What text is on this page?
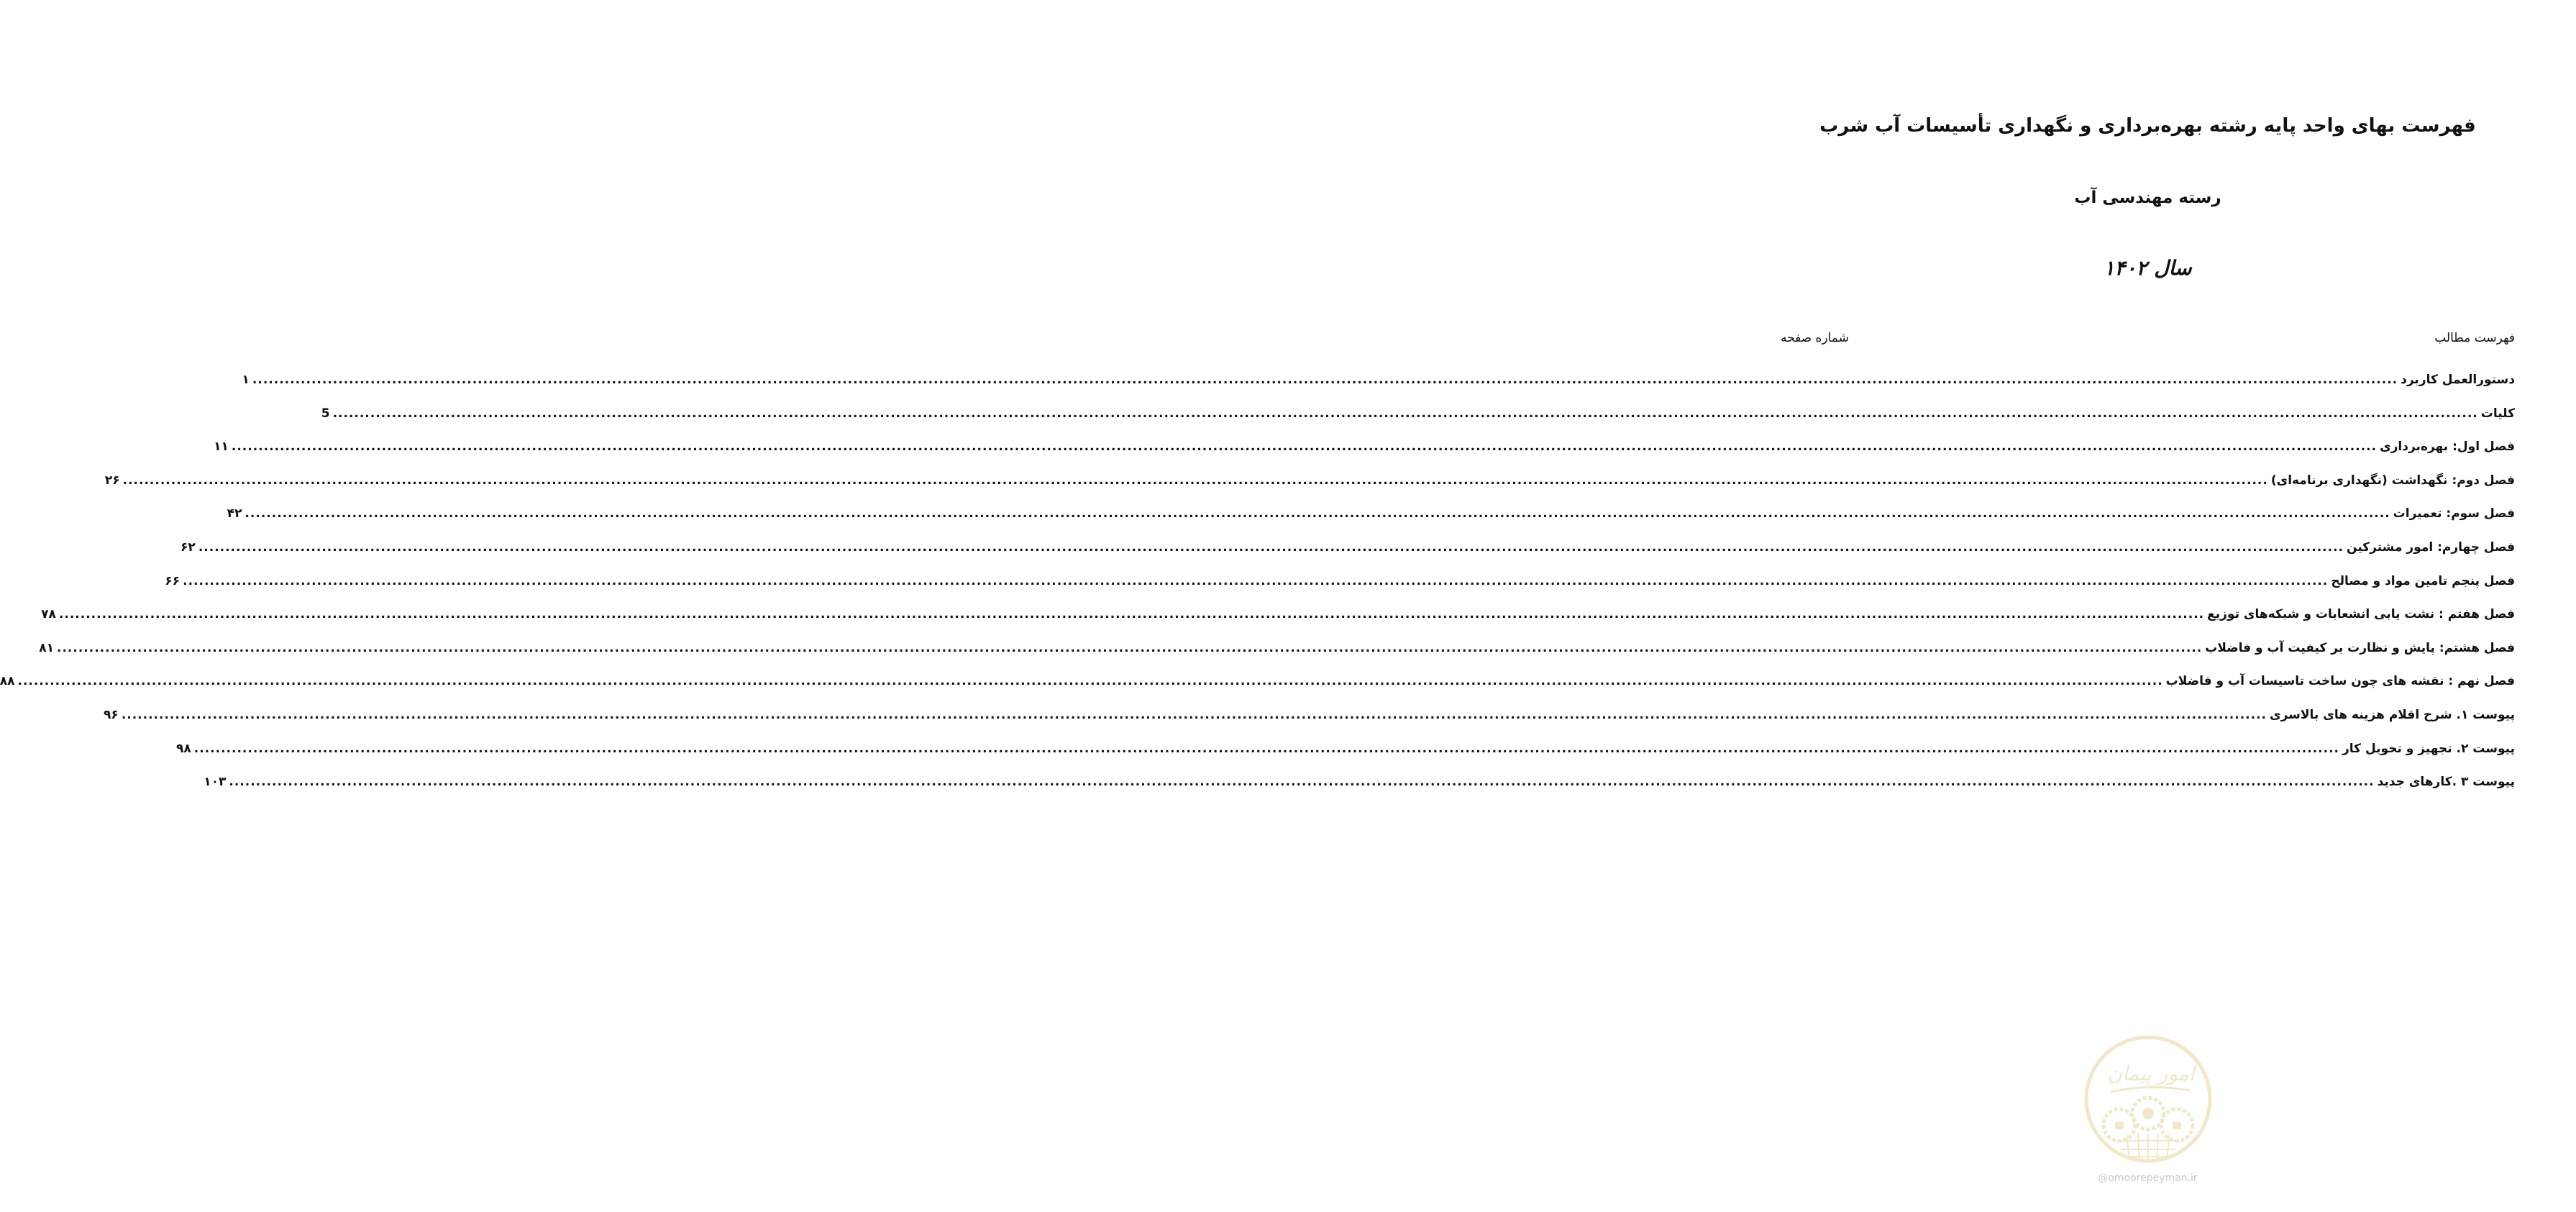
فهرست بهای واحد پایه رشته بهره‌برداری و نگهداری تأسیسات آب شرب
رسته مهندسی آب
سال ۱۴۰۲
فهرست مطالب
شماره صفحه
دستورالعمل کاربرد
................................................................................................................................................................................................................................................................................................................................................................................................................
۱
کلیات
................................................................................................................................................................................................................................................................................................................................................................................................................
5
فصل اول: بهره‌برداری
................................................................................................................................................................................................................................................................................................................................................................................................................
۱۱
فصل دوم: نگهداشت (نگهداری برنامه‌ای)
................................................................................................................................................................................................................................................................................................................................................................................................................
۲۶
فصل سوم: تعمیرات
................................................................................................................................................................................................................................................................................................................................................................................................................
۴۲
فصل چهارم: امور مشترکین
................................................................................................................................................................................................................................................................................................................................................................................................................
۶۲
فصل پنجم تامین مواد و مصالح
................................................................................................................................................................................................................................................................................................................................................................................................................
۶۶
فصل هفتم : نشت یابی انشعابات و شبکه‌های توزیع
................................................................................................................................................................................................................................................................................................................................................................................................................
۷۸
فصل هشتم: پایش و نظارت بر کیفیت آب و فاضلاب
................................................................................................................................................................................................................................................................................................................................................................................................................
۸۱
فصل نهم : نقشه های چون ساخت تاسیسات آب و فاضلاب
................................................................................................................................................................................................................................................................................................................................................................................................................
۸۸
پیوست ۱. شرح اقلام هزینه های بالاسری
................................................................................................................................................................................................................................................................................................................................................................................................................
۹۶
پیوست ۲. تجهیز و تحویل کار
................................................................................................................................................................................................................................................................................................................................................................................................................
۹۸
پیوست ۳ .کارهای جدید
................................................................................................................................................................................................................................................................................................................................................................................................................
۱۰۳
امور پیمان
@omoorepeyman.ir
